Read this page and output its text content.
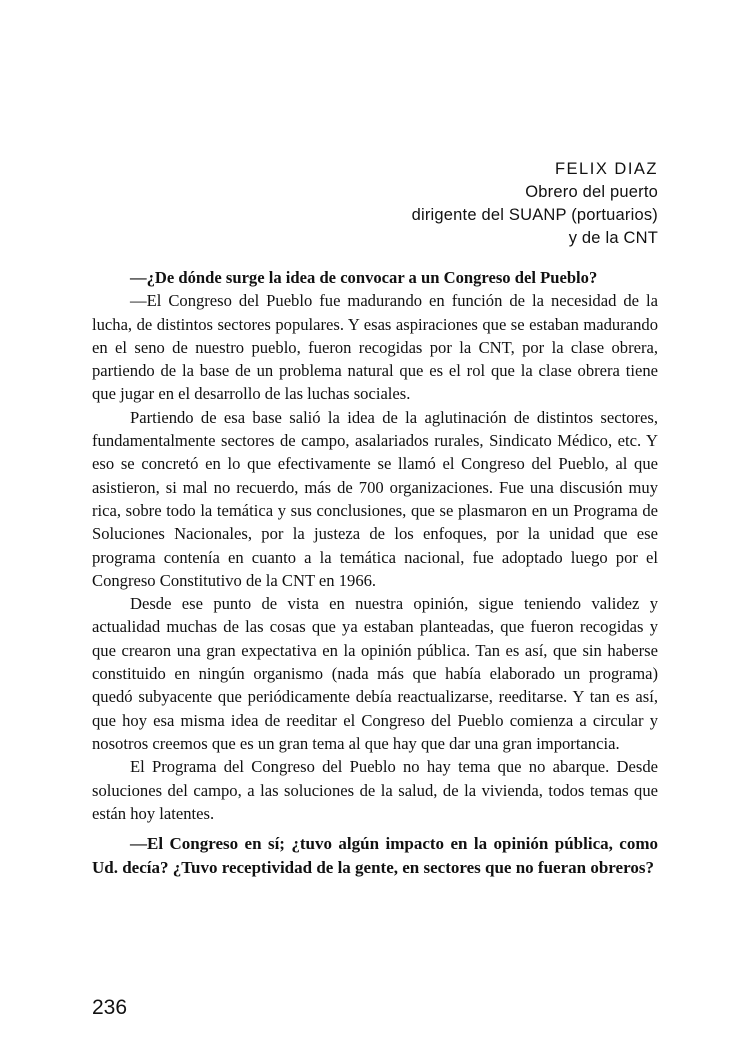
FELIX DIAZ
Obrero del puerto
dirigente del SUANP (portuarios)
y de la CNT

—¿De dónde surge la idea de convocar a un Congreso del Pueblo?

—El Congreso del Pueblo fue madurando en función de la necesidad de la lucha, de distintos sectores populares. Y esas aspiraciones que se estaban madurando en el seno de nuestro pueblo, fueron recogidas por la CNT, por la clase obrera, partiendo de la base de un problema natural que es el rol que la clase obrera tiene que jugar en el desarrollo de las luchas sociales.

Partiendo de esa base salió la idea de la aglutinación de distintos sectores, fundamentalmente sectores de campo, asalariados rurales, Sindicato Médico, etc. Y eso se concretó en lo que efectivamente se llamó el Congreso del Pueblo, al que asistieron, si mal no recuerdo, más de 700 organizaciones. Fue una discusión muy rica, sobre todo la temática y sus conclusiones, que se plasmaron en un Programa de Soluciones Nacionales, por la justeza de los enfoques, por la unidad que ese programa contenía en cuanto a la temática nacional, fue adoptado luego por el Congreso Constitutivo de la CNT en 1966.

Desde ese punto de vista en nuestra opinión, sigue teniendo validez y actualidad muchas de las cosas que ya estaban planteadas, que fueron recogidas y que crearon una gran expectativa en la opinión pública. Tan es así, que sin haberse constituido en ningún organismo (nada más que había elaborado un programa) quedó subyacente que periódicamente debía reactualizarse, reeditarse. Y tan es así, que hoy esa misma idea de reeditar el Congreso del Pueblo comienza a circular y nosotros creemos que es un gran tema al que hay que dar una gran importancia.

El Programa del Congreso del Pueblo no hay tema que no abarque. Desde soluciones del campo, a las soluciones de la salud, de la vivienda, todos temas que están hoy latentes.

—El Congreso en sí; ¿tuvo algún impacto en la opinión pública, como Ud. decía? ¿Tuvo receptividad de la gente, en sectores que no fueran obreros?

236
